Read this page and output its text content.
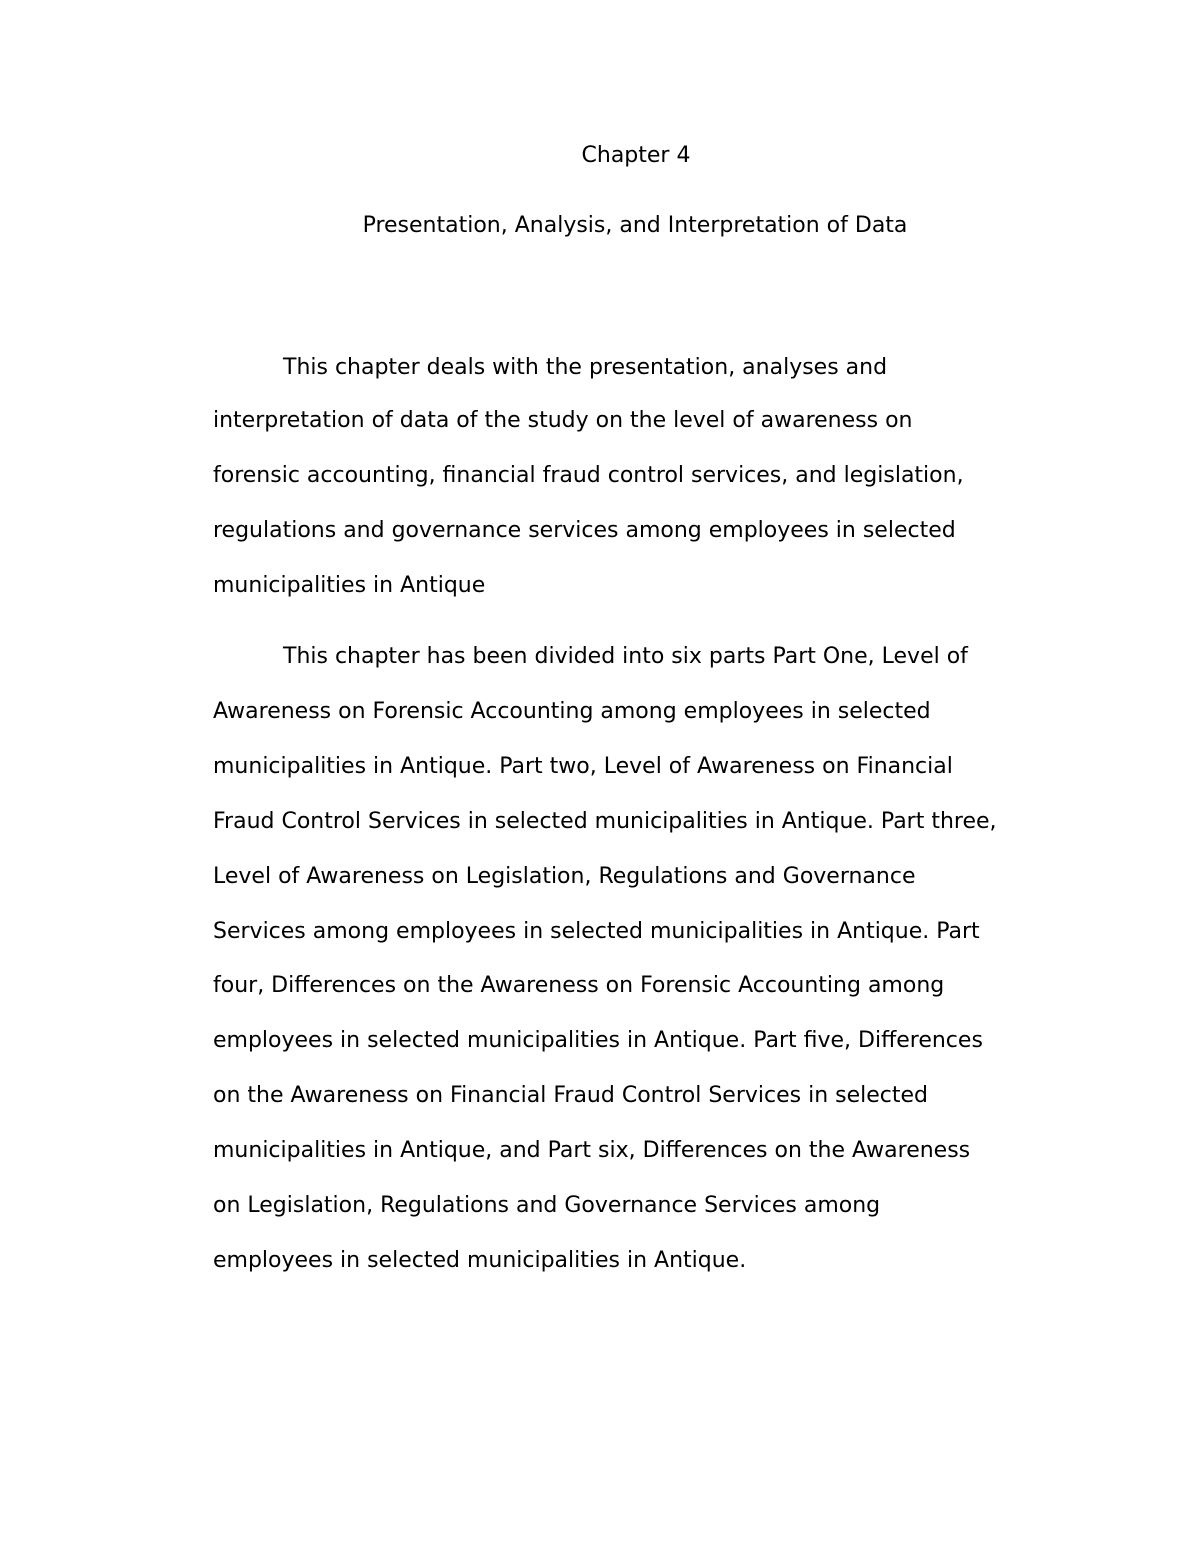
Chapter 4
Presentation, Analysis, and Interpretation of Data

This chapter deals with the presentation, analyses and

interpretation of data of the study on the level of awareness on

forensic accounting, financial fraud control services, and legislation,

regulations and governance services among employees in selected

municipalities in Antique

This chapter has been divided into six parts Part One, Level of

Awareness on Forensic Accounting among employees in selected

municipalities in Antique. Part two, Level of Awareness on Financial

Fraud Control Services in selected municipalities in Antique. Part three,

Level of Awareness on Legislation, Regulations and Governance

Services among employees in selected municipalities in Antique. Part

four, Differences on the Awareness on Forensic Accounting among

employees in selected municipalities in Antique. Part five, Differences

on the Awareness on Financial Fraud Control Services in selected

municipalities in Antique, and Part six, Differences on the Awareness

on Legislation, Regulations and Governance Services among

employees in selected municipalities in Antique.
